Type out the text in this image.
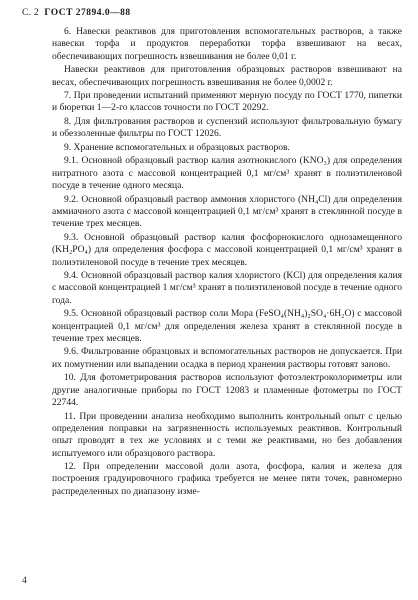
С. 2 ГОСТ 27894.0—88

6. Навески реактивов для приготовления вспомогательных растворов, а также навески торфа и продуктов переработки торфа взвешивают на весах, обеспечивающих погрешность взвешивания не более 0,01 г.

Навески реактивов для приготовления образцовых растворов взвешивают на весах, обеспечивающих погрешность взвешивания не более 0,0002 г.

7. При проведении испытаний применяют мерную посуду по ГОСТ 1770, пипетки и бюретки 1—2-го классов точности по ГОСТ 20292.

8. Для фильтрования растворов и суспензий используют фильтровальную бумагу и обеззоленные фильтры по ГОСТ 12026.

9. Хранение вспомогательных и образцовых растворов.

9.1. Основной образцовый раствор калия азотнокислого (KNO₃) для определения нитратного азота с массовой концентрацией 0,1 мг/см³ хранят в полиэтиленовой посуде в течение одного месяца.

9.2. Основной образцовый раствор аммония хлористого (NH₄Cl) для определения аммиачного азота с массовой концентрацией 0,1 мг/см³ хранят в стеклянной посуде в течение трех месяцев.

9.3. Основной образцовый раствор калия фосфорнокислого однозамещенного (KH₂PO₄) для определения фосфора с массовой концентрацией 0,1 мг/см³ хранят в полиэтиленовой посуде в течение трех месяцев.

9.4. Основной образцовый раствор калия хлористого (KCl) для определения калия с массовой концентрацией 1 мг/см³ хранят в полиэтиленовой посуде в течение одного года.

9.5. Основной образцовый раствор соли Мора (FeSO₄(NH₄)₂SO₄·6H₂O) с массовой концентрацией 0,1 мг/см³ для определения железа хранят в стеклянной посуде в течение трех месяцев.

9.6. Фильтрование образцовых и вспомогательных растворов не допускается. При их помутнении или выпадении осадка в период хранения растворы готовят заново.

10. Для фотометрирования растворов используют фотоэлектроколориметры или другие аналогичные приборы по ГОСТ 12083 и пламенные фотометры по ГОСТ 22744.

11. При проведении анализа необходимо выполнить контрольный опыт с целью определения поправки на загрязненность используемых реактивов. Контрольный опыт проводят в тех же условиях и с теми же реактивами, но без добавления испытуемого или образцового раствора.

12. При определении массовой доли азота, фосфора, калия и железа для построения градуировочного графика требуется не менее пяти точек, равномерно распределенных по диапазону изме-

4
